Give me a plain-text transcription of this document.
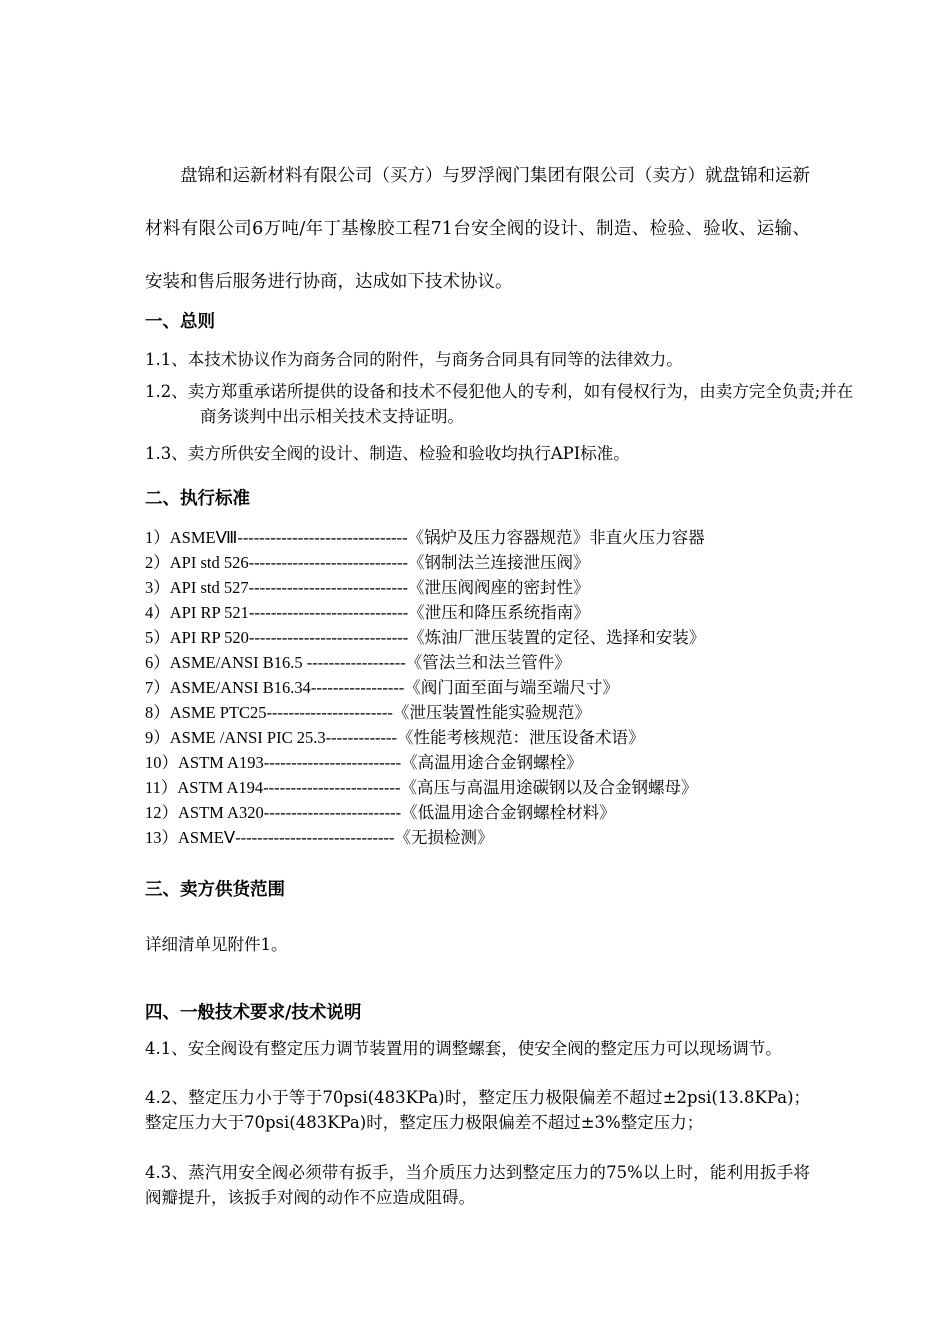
盘锦和运新材料有限公司（买方）与罗浮阀门集团有限公司（卖方）就盘锦和运新材料有限公司6万吨/年丁基橡胶工程71台安全阀的设计、制造、检验、验收、运输、安装和售后服务进行协商，达成如下技术协议。

一、总则

1.1、本技术协议作为商务合同的附件，与商务合同具有同等的法律效力。

1.2、卖方郑重承诺所提供的设备和技术不侵犯他人的专利，如有侵权行为，由卖方完全负责;并在商务谈判中出示相关技术支持证明。

1.3、卖方所供安全阀的设计、制造、检验和验收均执行API标准。

二、执行标准

1）ASMEⅧ-------------------------------《锅炉及压力容器规范》非直火压力容器
2）API std 526-----------------------------《钢制法兰连接泄压阀》
3）API std 527-----------------------------《泄压阀阀座的密封性》
4）API RP 521-----------------------------《泄压和降压系统指南》
5）API RP 520-----------------------------《炼油厂泄压装置的定径、选择和安装》
6）ASME/ANSI B16.5 ------------------《管法兰和法兰管件》
7）ASME/ANSI B16.34-----------------《阀门面至面与端至端尺寸》
8）ASME PTC25-----------------------《泄压装置性能实验规范》
9）ASME /ANSI PIC 25.3-------------《性能考核规范：泄压设备术语》
10）ASTM A193-------------------------《高温用途合金钢螺栓》
11）ASTM A194-------------------------《高压与高温用途碳钢以及合金钢螺母》
12）ASTM A320-------------------------《低温用途合金钢螺栓材料》
13）ASMEⅤ-----------------------------《无损检测》

三、卖方供货范围

详细清单见附件1。

四、一般技术要求/技术说明

4.1、安全阀设有整定压力调节装置用的调整螺套，使安全阀的整定压力可以现场调节。

4.2、整定压力小于等于70psi(483KPa)时，整定压力极限偏差不超过±2psi(13.8KPa)；整定压力大于70psi(483KPa)时，整定压力极限偏差不超过±3%整定压力；

4.3、蒸汽用安全阀必须带有扳手，当介质压力达到整定压力的75%以上时，能利用扳手将阀瓣提升，该扳手对阀的动作不应造成阻碍。
